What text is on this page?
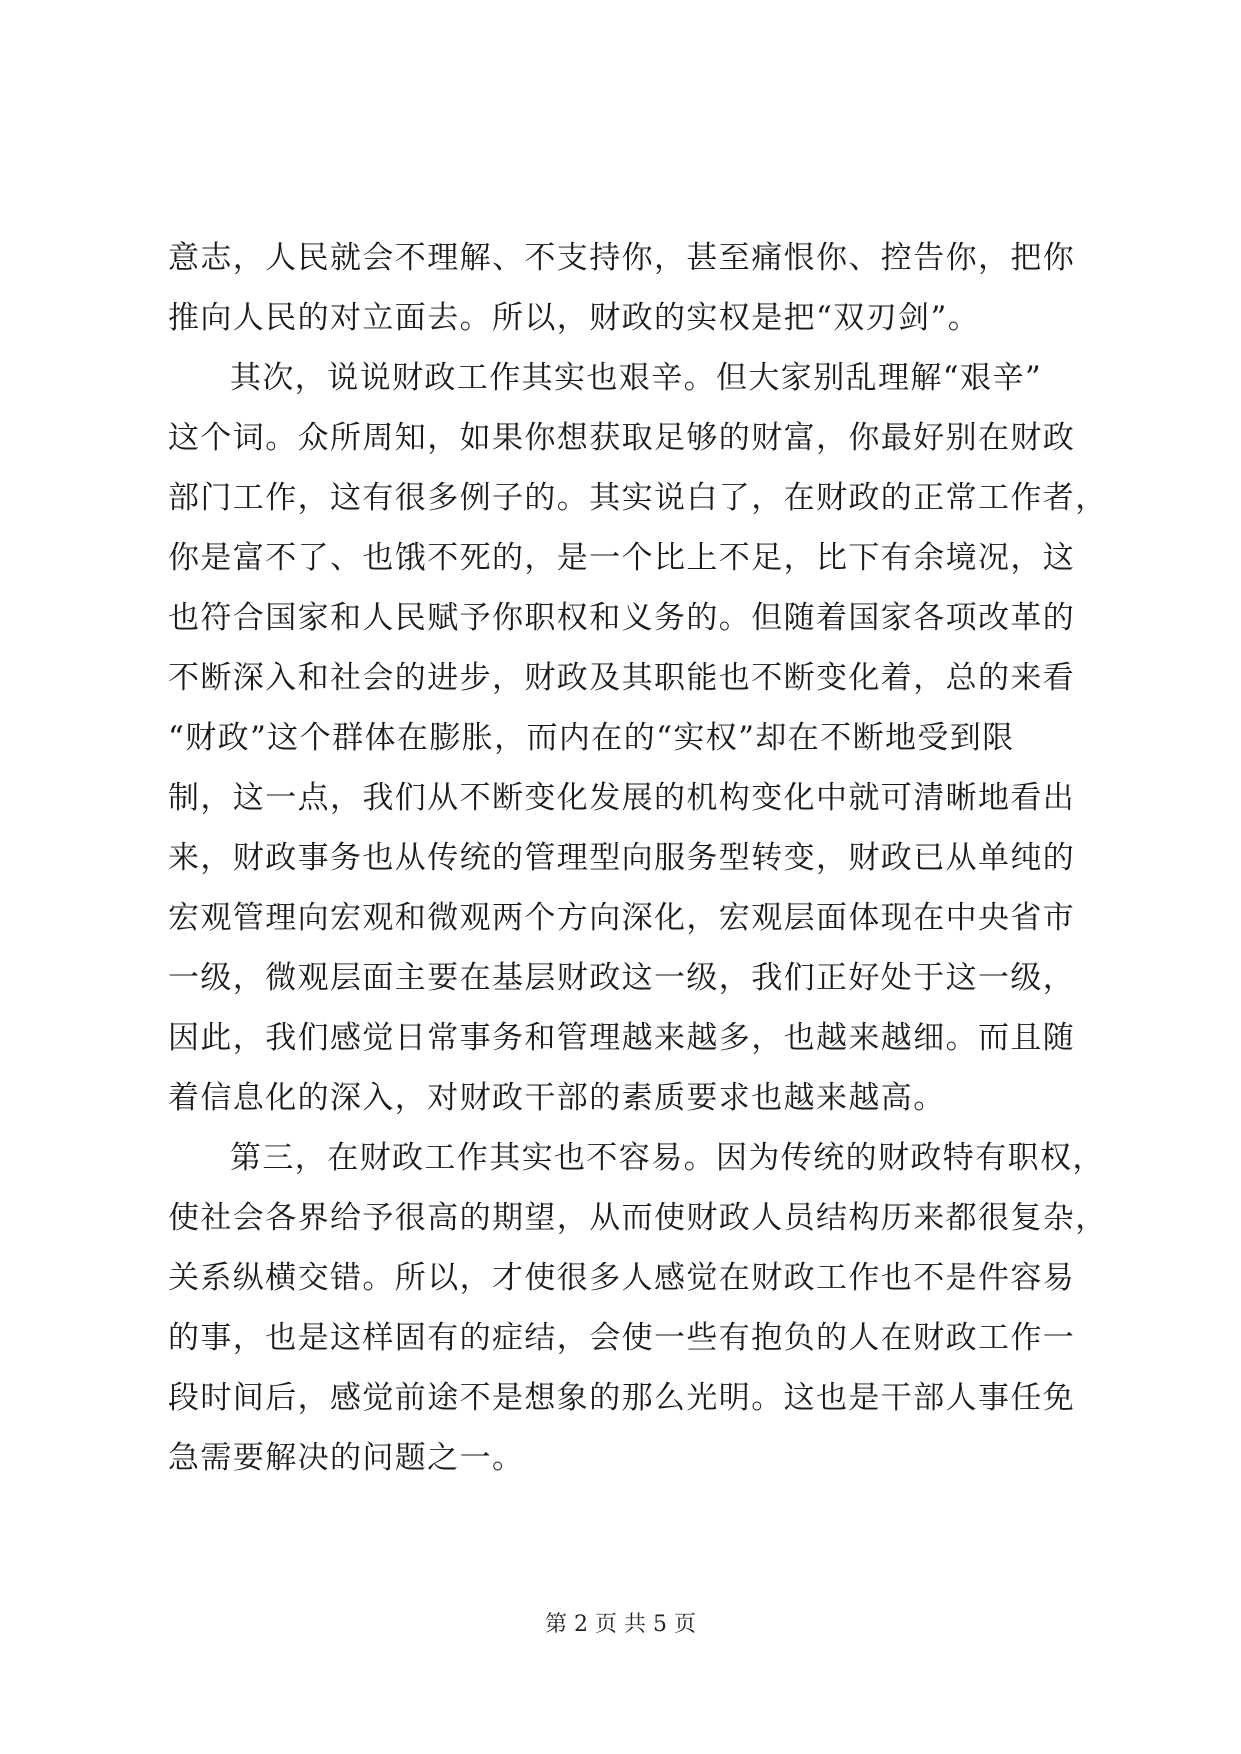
意志，人民就会不理解、不支持你，甚至痛恨你、控告你，把你
推向人民的对立面去。所以，财政的实权是把“双刃剑”。
其次，说说财政工作其实也艰辛。但大家别乱理解“艰辛”
这个词。众所周知，如果你想获取足够的财富，你最好别在财政
部门工作，这有很多例子的。其实说白了，在财政的正常工作者，
你是富不了、也饿不死的，是一个比上不足，比下有余境况，这
也符合国家和人民赋予你职权和义务的。但随着国家各项改革的
不断深入和社会的进步，财政及其职能也不断变化着，总的来看
“财政”这个群体在膨胀，而内在的“实权”却在不断地受到限
制，这一点，我们从不断变化发展的机构变化中就可清晰地看出
来，财政事务也从传统的管理型向服务型转变，财政已从单纯的
宏观管理向宏观和微观两个方向深化，宏观层面体现在中央省市
一级，微观层面主要在基层财政这一级，我们正好处于这一级，
因此，我们感觉日常事务和管理越来越多，也越来越细。而且随
着信息化的深入，对财政干部的素质要求也越来越高。
第三，在财政工作其实也不容易。因为传统的财政特有职权，
使社会各界给予很高的期望，从而使财政人员结构历来都很复杂，
关系纵横交错。所以，才使很多人感觉在财政工作也不是件容易
的事，也是这样固有的症结，会使一些有抱负的人在财政工作一
段时间后，感觉前途不是想象的那么光明。这也是干部人事任免
急需要解决的问题之一。
第 2 页 共 5 页
